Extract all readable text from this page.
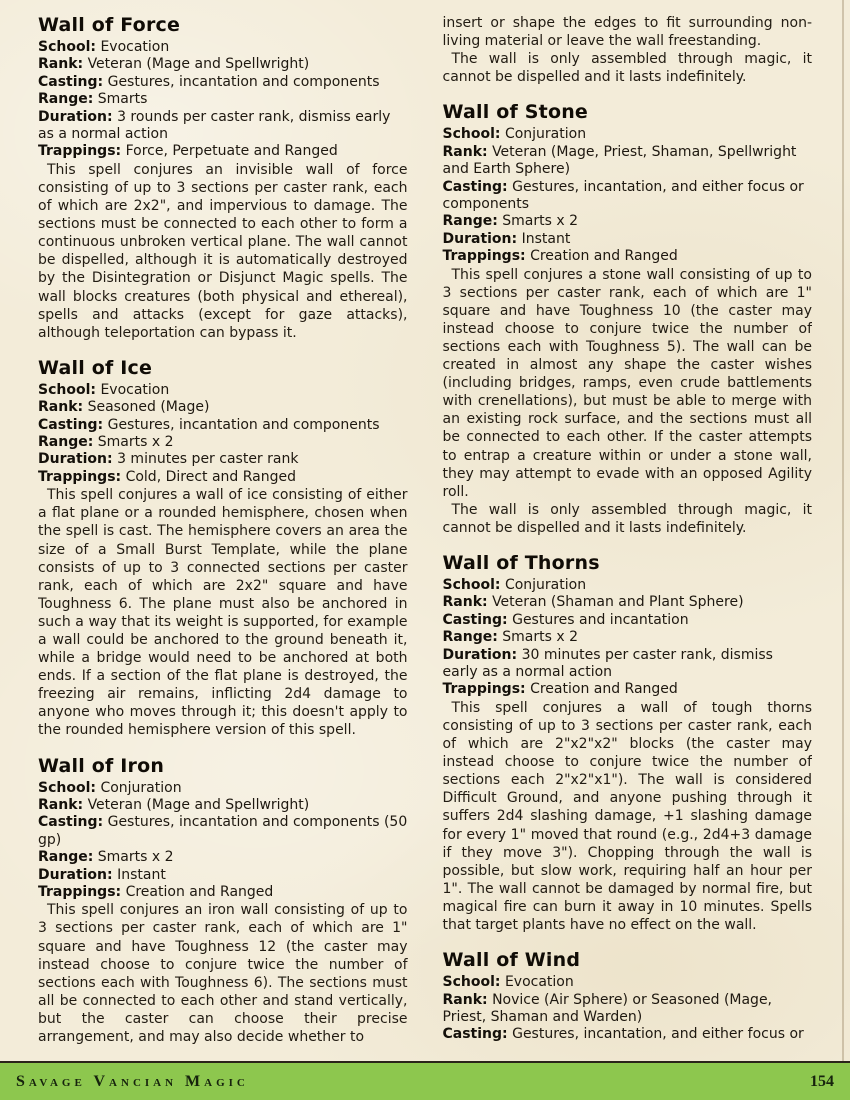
Wall of Force
School: Evocation
Rank: Veteran (Mage and Spellwright)
Casting: Gestures, incantation and components
Range: Smarts
Duration: 3 rounds per caster rank, dismiss early as a normal action
Trappings: Force, Perpetuate and Ranged

This spell conjures an invisible wall of force consisting of up to 3 sections per caster rank, each of which are 2x2", and impervious to damage. The sections must be connected to each other to form a continuous unbroken vertical plane. The wall cannot be dispelled, although it is automatically destroyed by the Disintegration or Disjunct Magic spells. The wall blocks creatures (both physical and ethereal), spells and attacks (except for gaze attacks), although teleportation can bypass it.

Wall of Ice
School: Evocation
Rank: Seasoned (Mage)
Casting: Gestures, incantation and components
Range: Smarts x 2
Duration: 3 minutes per caster rank
Trappings: Cold, Direct and Ranged

This spell conjures a wall of ice consisting of either a flat plane or a rounded hemisphere, chosen when the spell is cast. The hemisphere covers an area the size of a Small Burst Template, while the plane consists of up to 3 connected sections per caster rank, each of which are 2x2" square and have Toughness 6. The plane must also be anchored in such a way that its weight is supported, for example a wall could be anchored to the ground beneath it, while a bridge would need to be anchored at both ends. If a section of the flat plane is destroyed, the freezing air remains, inflicting 2d4 damage to anyone who moves through it; this doesn't apply to the rounded hemisphere version of this spell.

Wall of Iron
School: Conjuration
Rank: Veteran (Mage and Spellwright)
Casting: Gestures, incantation and components (50 gp)
Range: Smarts x 2
Duration: Instant
Trappings: Creation and Ranged

This spell conjures an iron wall consisting of up to 3 sections per caster rank, each of which are 1" square and have Toughness 12 (the caster may instead choose to conjure twice the number of sections each with Toughness 6). The sections must all be connected to each other and stand vertically, but the caster can choose their precise arrangement, and may also decide whether to

insert or shape the edges to fit surrounding non-living material or leave the wall freestanding.

The wall is only assembled through magic, it cannot be dispelled and it lasts indefinitely.

Wall of Stone
School: Conjuration
Rank: Veteran (Mage, Priest, Shaman, Spellwright and Earth Sphere)
Casting: Gestures, incantation, and either focus or components
Range: Smarts x 2
Duration: Instant
Trappings: Creation and Ranged

This spell conjures a stone wall consisting of up to 3 sections per caster rank, each of which are 1" square and have Toughness 10 (the caster may instead choose to conjure twice the number of sections each with Toughness 5). The wall can be created in almost any shape the caster wishes (including bridges, ramps, even crude battlements with crenellations), but must be able to merge with an existing rock surface, and the sections must all be connected to each other. If the caster attempts to entrap a creature within or under a stone wall, they may attempt to evade with an opposed Agility roll.

The wall is only assembled through magic, it cannot be dispelled and it lasts indefinitely.

Wall of Thorns
School: Conjuration
Rank: Veteran (Shaman and Plant Sphere)
Casting: Gestures and incantation
Range: Smarts x 2
Duration: 30 minutes per caster rank, dismiss early as a normal action
Trappings: Creation and Ranged

This spell conjures a wall of tough thorns consisting of up to 3 sections per caster rank, each of which are 2"x2"x2" blocks (the caster may instead choose to conjure twice the number of sections each 2"x2"x1"). The wall is considered Difficult Ground, and anyone pushing through it suffers 2d4 slashing damage, +1 slashing damage for every 1" moved that round (e.g., 2d4+3 damage if they move 3"). Chopping through the wall is possible, but slow work, requiring half an hour per 1". The wall cannot be damaged by normal fire, but magical fire can burn it away in 10 minutes. Spells that target plants have no effect on the wall.

Wall of Wind
School: Evocation
Rank: Novice (Air Sphere) or Seasoned (Mage, Priest, Shaman and Warden)
Casting: Gestures, incantation, and either focus or
Savage Vancian Magic	154
